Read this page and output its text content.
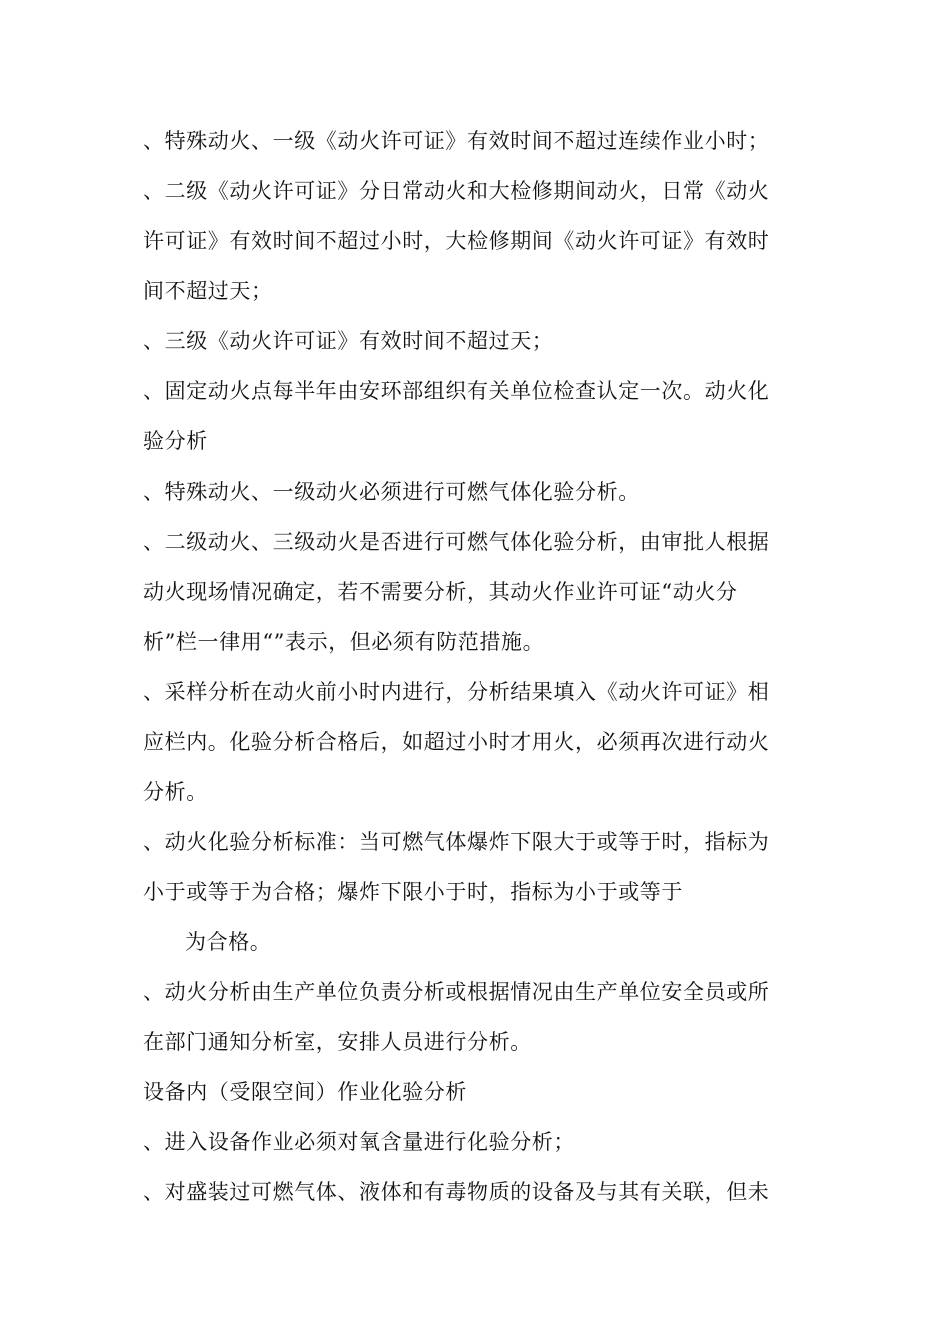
、特殊动火、一级《动火许可证》有效时间不超过连续作业小时；
、二级《动火许可证》分日常动火和大检修期间动火，日常《动火
许可证》有效时间不超过小时，大检修期间《动火许可证》有效时
间不超过天；
、三级《动火许可证》有效时间不超过天；
、固定动火点每半年由安环部组织有关单位检查认定一次。动火化
验分析
、特殊动火、一级动火必须进行可燃气体化验分析。
、二级动火、三级动火是否进行可燃气体化验分析，由审批人根据
动火现场情况确定，若不需要分析，其动火作业许可证“动火分
析”栏一律用“”表示，但必须有防范措施。
、采样分析在动火前小时内进行，分析结果填入《动火许可证》相
应栏内。化验分析合格后，如超过小时才用火，必须再次进行动火
分析。
、动火化验分析标准：当可燃气体爆炸下限大于或等于时，指标为
小于或等于为合格；爆炸下限小于时，指标为小于或等于
为合格。
、动火分析由生产单位负责分析或根据情况由生产单位安全员或所
在部门通知分析室，安排人员进行分析。
设备内（受限空间）作业化验分析
、进入设备作业必须对氧含量进行化验分析；
、对盛装过可燃气体、液体和有毒物质的设备及与其有关联，但未
